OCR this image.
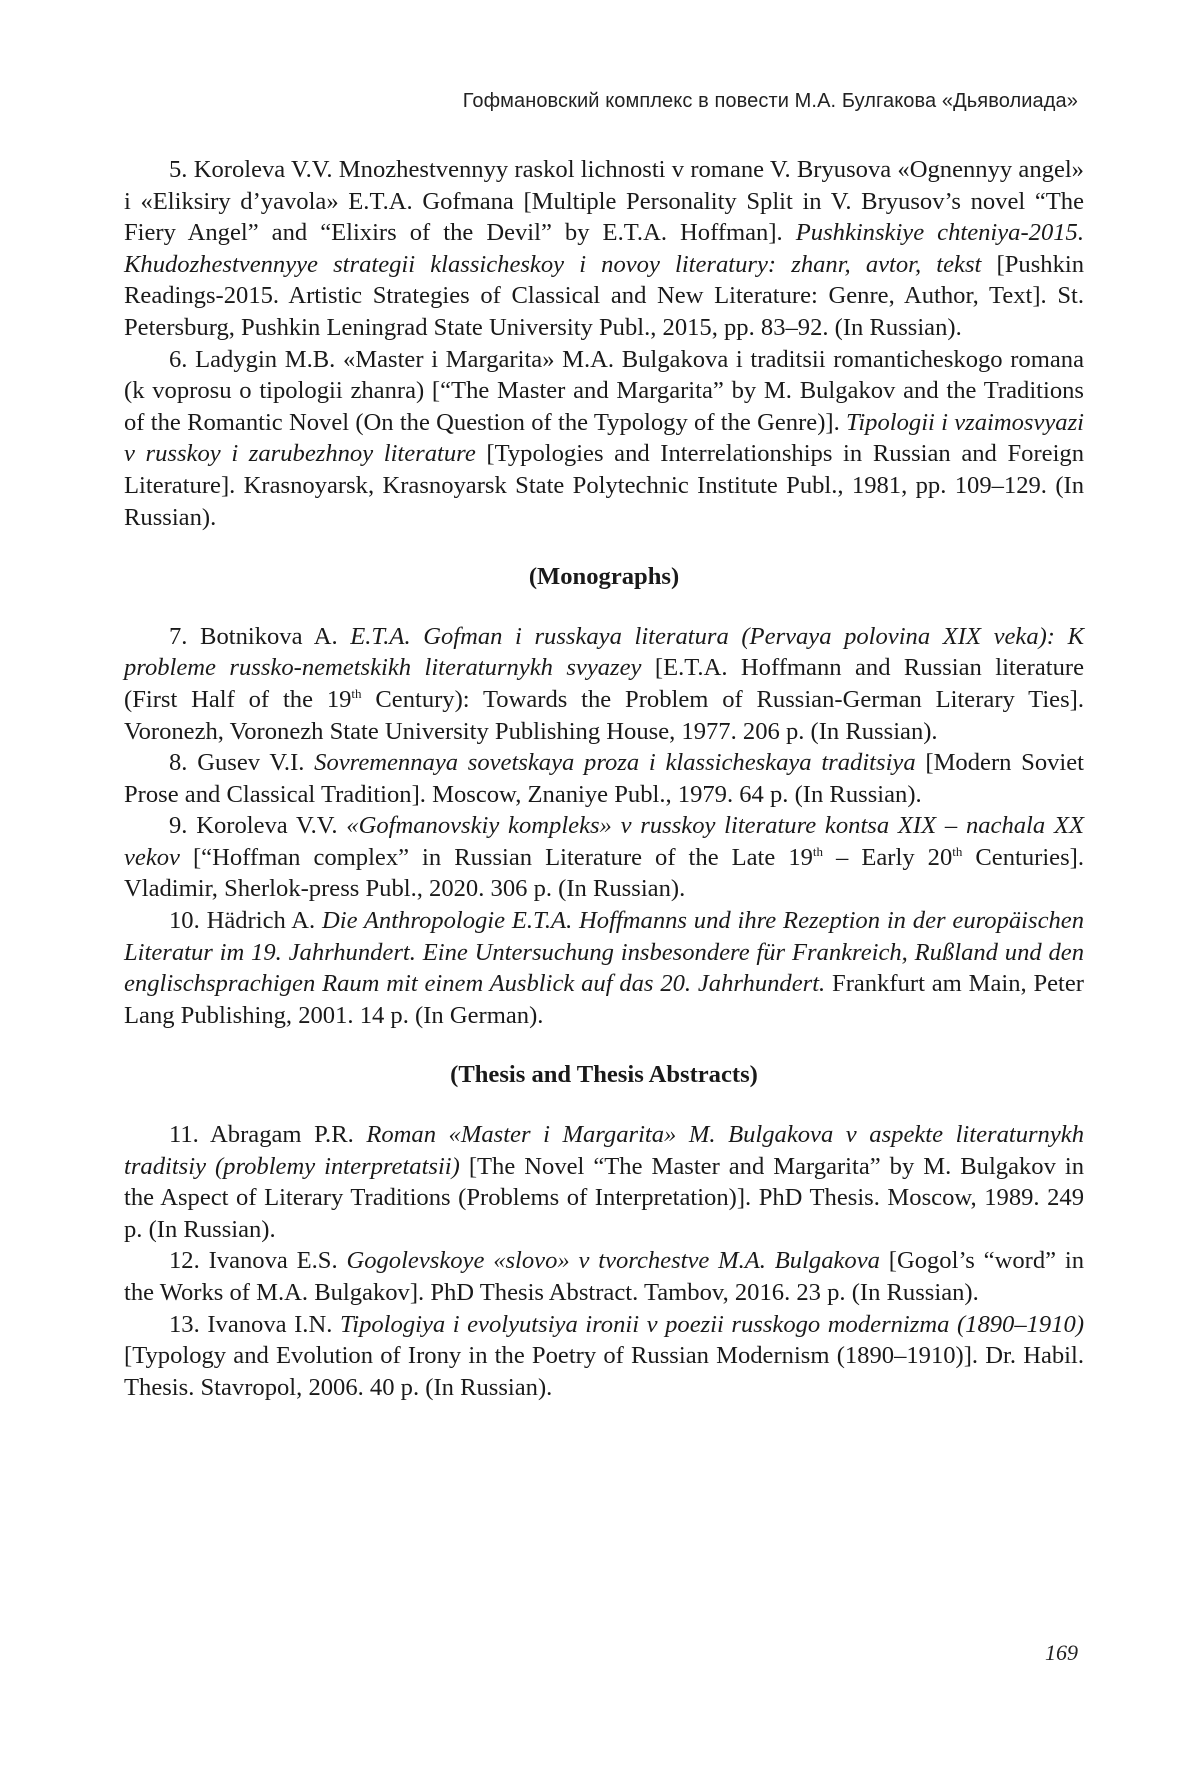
Гофмановский комплекс в повести М.А. Булгакова «Дьяволиада»

5. Koroleva V.V. Mnozhestvennyy raskol lichnosti v romane V. Bryusova «Ognennyy angel» i «Eliksiry d’yavola» E.T.A. Gofmana [Multiple Personality Split in V. Bryusov’s novel “The Fiery Angel” and “Elixirs of the Devil” by E.T.A. Hoffman]. Pushkinskiye chteniya-2015. Khudozhestvennyye strategii klassicheskoy i novoy literatury: zhanr, avtor, tekst [Pushkin Readings-2015. Artistic Strategies of Classical and New Literature: Genre, Author, Text]. St. Petersburg, Pushkin Leningrad State University Publ., 2015, pp. 83–92. (In Russian).

6. Ladygin M.B. «Master i Margarita» M.A. Bulgakova i traditsii romanticheskogo romana (k voprosu o tipologii zhanra) [“The Master and Margarita” by M. Bulgakov and the Traditions of the Romantic Novel (On the Question of the Typology of the Genre)]. Tipologii i vzaimosvyazi v russkoy i zarubezhnoy literature [Typologies and Interrelationships in Russian and Foreign Literature]. Krasnoyarsk, Krasnoyarsk State Polytechnic Institute Publ., 1981, pp. 109–129. (In Russian).

(Monographs)

7. Botnikova A. E.T.A. Gofman i russkaya literatura (Pervaya polovina XIX veka): K probleme russko-nemetskikh literaturnykh svyazey [E.T.A. Hoffmann and Russian literature (First Half of the 19th Century): Towards the Problem of Russian-German Literary Ties]. Voronezh, Voronezh State University Publishing House, 1977. 206 p. (In Russian).

8. Gusev V.I. Sovremennaya sovetskaya proza i klassicheskaya traditsiya [Modern Soviet Prose and Classical Tradition]. Moscow, Znaniye Publ., 1979. 64 p. (In Russian).

9. Koroleva V.V. «Gofmanovskiy kompleks» v russkoy literature kontsa XIX – nachala XX vekov [“Hoffman complex” in Russian Literature of the Late 19th – Early 20th Centuries]. Vladimir, Sherlok-press Publ., 2020. 306 p. (In Russian).

10. Hädrich A. Die Anthropologie E.T.A. Hoffmanns und ihre Rezeption in der europäischen Literatur im 19. Jahrhundert. Eine Untersuchung insbesondere für Frankreich, Rußland und den englischsprachigen Raum mit einem Ausblick auf das 20. Jahrhundert. Frankfurt am Main, Peter Lang Publishing, 2001. 14 p. (In German).

(Thesis and Thesis Abstracts)

11. Abragam P.R. Roman «Master i Margarita» M. Bulgakova v aspekte literaturnykh traditsiy (problemy interpretatsii) [The Novel “The Master and Margarita” by M. Bulgakov in the Aspect of Literary Traditions (Problems of Interpretation)]. PhD Thesis. Moscow, 1989. 249 p. (In Russian).

12. Ivanova E.S. Gogolevskoye «slovo» v tvorchestve M.A. Bulgakova [Gogol’s “word” in the Works of M.A. Bulgakov]. PhD Thesis Abstract. Tambov, 2016. 23 p. (In Russian).

13. Ivanova I.N. Tipologiya i evolyutsiya ironii v poezii russkogo modernizma (1890–1910) [Typology and Evolution of Irony in the Poetry of Russian Modernism (1890–1910)]. Dr. Habil. Thesis. Stavropol, 2006. 40 p. (In Russian).

169
